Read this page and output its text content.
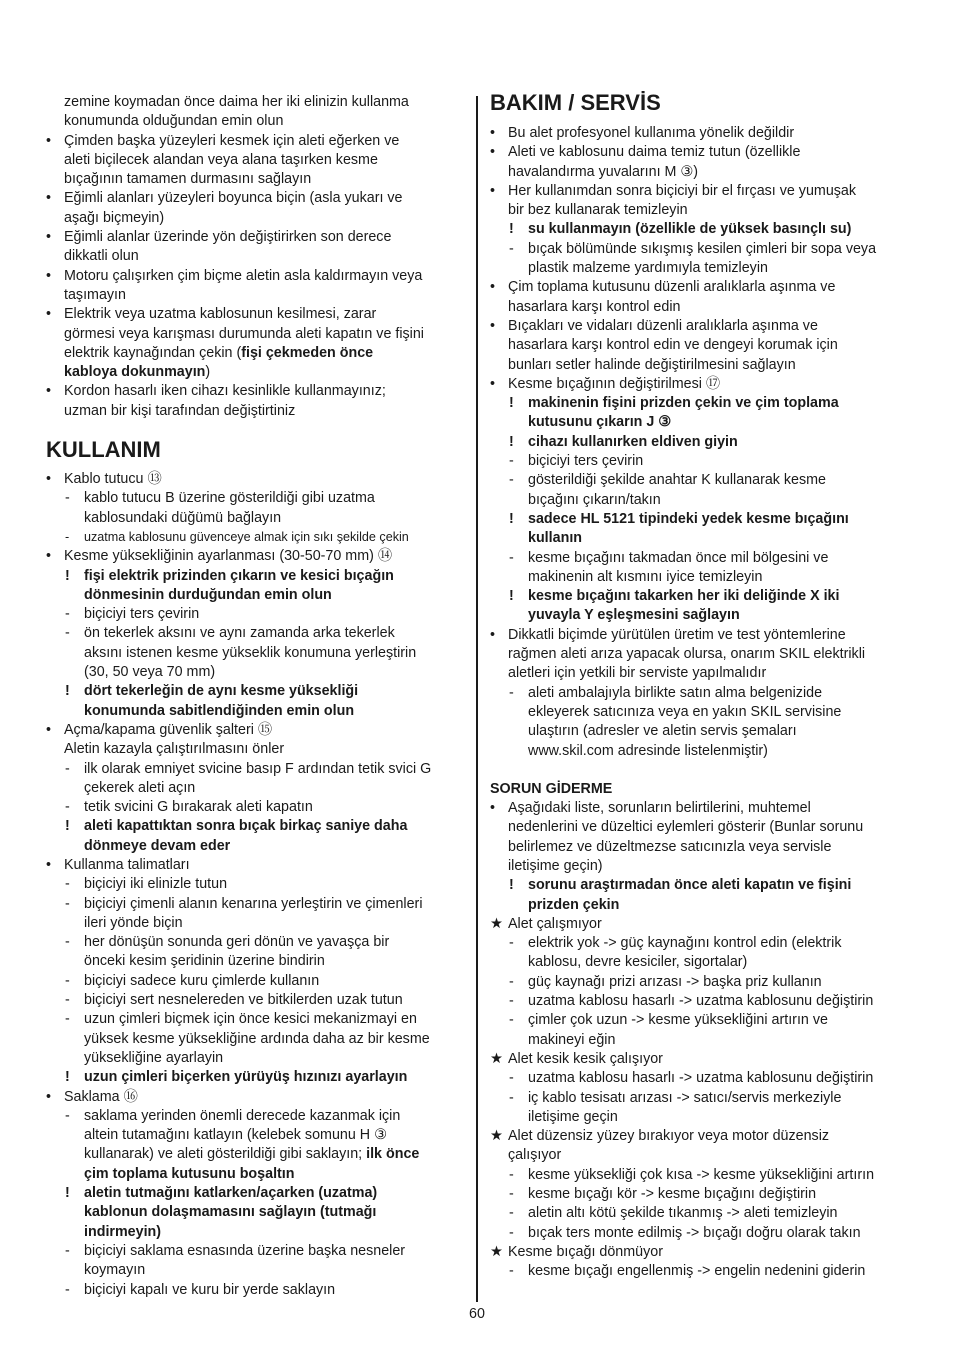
zemine koymadan önce daima her iki elinizin kullanma
konumunda olduğundan emin olun
• Çimden başka yüzeyleri kesmek için aleti eğerken ve
aleti biçilecek alandan veya alana taşırken kesme
bıçağının tamamen durmasını sağlayın
• Eğimli alanları yüzeyleri boyunca biçin (asla yukarı ve
aşağı biçmeyin)
• Eğimli alanlar üzerinde yön değiştirirken son derece
dikkatli olun
• Motoru çalışırken çim biçme aletin asla kaldırmayın veya
taşımayın
• Elektrik veya uzatma kablosunun kesilmesi, zarar
görmesi veya karışması durumunda aleti kapatın ve fişini
elektrik kaynağından çekin (fişi çekmeden önce
kabloya dokunmayın)
• Kordon hasarlı iken cihazı kesinlikle kullanmayınız;
uzman bir kişi tarafından değiştirtiniz
KULLANIM
• Kablo tutucu ⑬
- kablo tutucu B üzerine gösterildiği gibi uzatma
kablosundaki düğümü bağlayın
-	uzatma kablosunu güvenceye almak için sıkı şekilde çekin
• Kesme yüksekliğinin ayarlanması (30-50-70 mm) ⑭
! fişi elektrik prizinden çıkarın ve kesici bıçağın
dönmesinin durduğundan emin olun
- biçiciyi ters çevirin
- ön tekerlek aksını ve aynı zamanda arka tekerlek
aksını istenen kesme yükseklik konumuna yerleştirin
(30, 50 veya 70 mm)
! dört tekerleğin de aynı kesme yüksekliği
konumunda sabitlendiğinden emin olun
• Açma/kapama güvenlik şalteri ⑮
Aletin kazayla çalıştırılmasını önler
- ilk olarak emniyet svicine basıp F ardından tetik svici G
çekerek aleti açın
- tetik svicini G bırakarak aleti kapatın
! aleti kapattıktan sonra bıçak birkaç saniye daha
dönmeye devam eder
• Kullanma talimatları
- biçiciyi iki elinizle tutun
- biçiciyi çimenli alanın kenarına yerleştirin ve çimenleri
ileri yönde biçin
- her dönüşün sonunda geri dönün ve yavaşça bir
önceki kesim şeridinin üzerine bindirin
- biçiciyi sadece kuru çimlerde kullanın
- biçiciyi sert nesnelereden ve bitkilerden uzak tutun
- uzun çimleri biçmek için önce kesici mekanizmayi en
yüksek kesme yüksekliğine ardında daha az bir kesme
yüksekliğine ayarlayin
! uzun çimleri biçerken yürüyüş hızınızı ayarlayın
• Saklama ⑯
- saklama yerinden önemli derecede kazanmak için
altein tutamağını katlayın (kelebek somunu H ③
kullanarak) ve aleti gösterildiği gibi saklayın; ilk önce
çim toplama kutusunu boşaltın
! aletin tutmağını katlarken/açarken (uzatma)
kablonun dolaşmamasını sağlayın (tutmağı
indirmeyin)
- biçiciyi saklama esnasında üzerine başka nesneler
koymayın
- biçiciyi kapalı ve kuru bir yerde saklayın
BAKIM / SERVİS
• Bu alet profesyonel kullanıma yönelik değildir
• Aleti ve kablosunu daima temiz tutun (özellikle
havalandırma yuvalarını M ③)
• Her kullanımdan sonra biçiciyi bir el fırçası ve yumuşak
bir bez kullanarak temizleyin
! su kullanmayın (özellikle de yüksek basınçlı su)
- bıçak bölümünde sıkışmış kesilen çimleri bir sopa veya
plastik malzeme yardımıyla temizleyin
• Çim toplama kutusunu düzenli aralıklarla aşınma ve
hasarlara karşı kontrol edin
• Bıçakları ve vidaları düzenli aralıklarla aşınma ve
hasarlara karşı kontrol edin ve dengeyi korumak için
bunları setler halinde değiştirilmesini sağlayın
• Kesme bıçağının değiştirilmesi ⑰
! makinenin fişini prizden çekin ve çim toplama
kutusunu çıkarın J ③
! cihazı kullanırken eldiven giyin
- biçiciyi ters çevirin
- gösterildiği şekilde anahtar K kullanarak kesme
bıçağını çıkarın/takın
! sadece HL 5121 tipindeki yedek kesme bıçağını
kullanın
- kesme bıçağını takmadan önce mil bölgesini ve
makinenin alt kısmını iyice temizleyin
! kesme bıçağını takarken her iki deliğinde X iki
yuvayla Y eşleşmesini sağlayın
• Dikkatli biçimde yürütülen üretim ve test yöntemlerine
rağmen aleti arıza yapacak olursa, onarım SKIL elektrikli
aletleri için yetkili bir serviste yapılmalıdır
- aleti ambalajıyla birlikte satın alma belgenizide
ekleyerek satıcınıza veya en yakın SKIL servisine
ulaştırın (adresler ve aletin servis şemaları
www.skil.com adresinde listelenmiştir)
SORUN GİDERME
• Aşağıdaki liste, sorunların belirtilerini, muhtemel
nedenlerini ve düzeltici eylemleri gösterir (Bunlar sorunu
belirlemez ve düzeltmezse satıcınızla veya servisle
iletişime geçin)
! sorunu araştırmadan önce aleti kapatın ve fişini
prizden çekin
★ Alet çalışmıyor
- elektrik yok -> güç kaynağını kontrol edin (elektrik
kablosu, devre kesiciler, sigortalar)
- güç kaynağı prizi arızası -> başka priz kullanın
- uzatma kablosu hasarlı -> uzatma kablosunu değiştirin
- çimler çok uzun -> kesme yüksekliğini artırın ve
makineyi eğin
★ Alet kesik kesik çalışıyor
- uzatma kablosu hasarlı -> uzatma kablosunu değiştirin
- iç kablo tesisatı arızası -> satıcı/servis merkeziyle
iletişime geçin
★ Alet düzensiz yüzey bırakıyor veya motor düzensiz
çalışıyor
- kesme yüksekliği çok kısa -> kesme yüksekliğini artırın
- kesme bıçağı kör -> kesme bıçağını değiştirin
- aletin altı kötü şekilde tıkanmış -> aleti temizleyin
- bıçak ters monte edilmiş -> bıçağı doğru olarak takın
★ Kesme bıçağı dönmüyor
- kesme bıçağı engellenmiş -> engelin nedenini giderin
60
